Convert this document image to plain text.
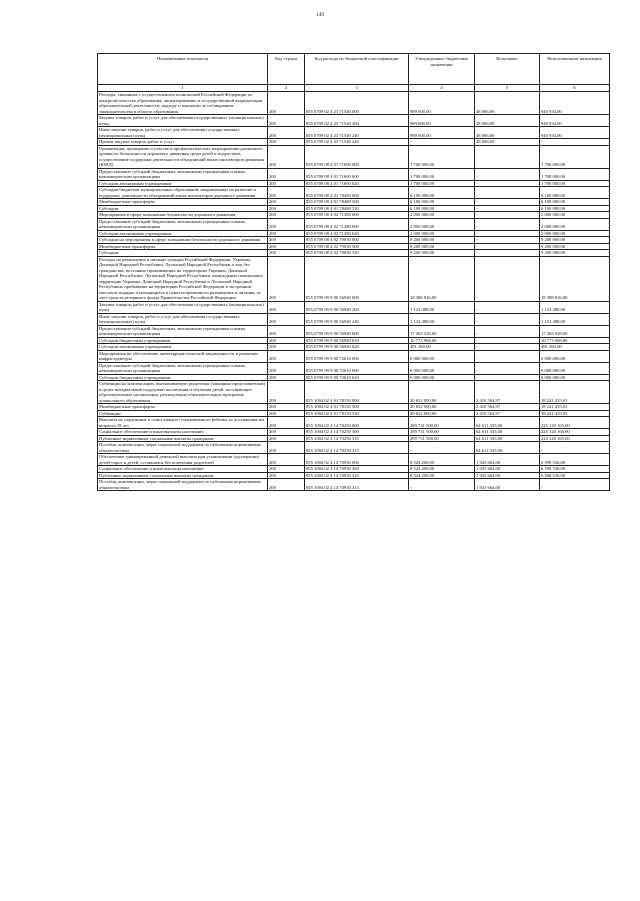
149
Наименование показателя	Код строки	Код расхода по бюджетной классификации	Утвержденные бюджетные назначения	Исполнено	Неисполненные назначения
1	2	3	4	5	6
Расходы, связанные с осуществлением полномочий Российской Федерации по контролю качества образования, лицензированию и государственной аккредитации образовательной деятельности, надзору и контролю за соблюдением законодательства в области образования	200	855 0709 02 4 23 71540 000	989 000,00	48 066,00	940 934,00
Закупка товаров, работ и услуг для обеспечения государственных (муниципальных) нужд	200	855 0709 02 4 23 71540 200	989 000,00	48 066,00	940 934,00
Иные закупки товаров, работ и услуг для обеспечения государственных (муниципальных) нужд	200	855 0709 02 4 23 71540 240	989 000,00	48 066,00	940 934,00
Прочая закупка товаров, работ и услуг	200	855 0709 02 4 23 71540 244	-	48 066,00	-
Организация, проведение и участие в профилактических мероприятиях различного уровня по безопасности дорожного движения среди детей и подростков, осуществление поддержки деятельности объединений юных инспекторов движения (ЮИД)	200	855 0709 08 4 01 71690 000	1 700 000,00	-	1 700 000,00
Предоставление субсидий бюджетным, автономным учреждениям и иным некоммерческим организациям	200	855 0709 08 4 01 71690 600	1 700 000,00	-	1 700 000,00
Субсидии автономным учреждениям	200	855 0709 08 4 01 71690 620	1 700 000,00	-	1 700 000,00
Субсидии бюджетам муниципальных образований, направленные на развитие и поддержку деятельности объединений юных инспекторов дорожного движения	200	855 0709 08 4 01 78480 000	6 100 000,00	-	6 100 000,00
Межбюджетные трансферты	200	855 0709 08 4 01 78480 500	6 100 000,00	-	6 100 000,00
Субсидии	200	855 0709 08 4 01 78480 520	6 100 000,00	-	6 100 000,00
Мероприятия в сфере повышения безопасности дорожного движения	200	855 0709 08 4 02 71380 000	2 000 000,00	-	2 000 000,00
Предоставление субсидий бюджетным, автономным учреждениям и иным некоммерческим организациям	200	855 0709 08 4 02 71380 600	2 000 000,00	-	2 000 000,00
Субсидии автономным учреждениям	200	855 0709 08 4 02 71380 620	2 000 000,00	-	2 000 000,00
Субсидии на мероприятия в сфере повышения безопасности дорожного движения	200	855 0709 08 4 02 79030 000	9 200 000,00	-	9 200 000,00
Межбюджетные трансферты	200	855 0709 08 4 02 79030 500	9 200 000,00	-	9 200 000,00
Субсидии	200	855 0709 08 4 02 79030 520	9 200 000,00	-	9 200 000,00
Расходы на размещение и питание граждан Российской Федерации, Украины, Донецкой Народной Республики, Луганской Народной Республики и лиц без гражданства, постоянно проживающих на территориях Украины, Донецкой Народной Республики, Луганской Народной Республики, вынужденно покинувших территории Украины, Донецкой Народной Республики и Луганской Народной Республики, прибывших на территорию Российской Федерации в экстренном массовом порядке и находящихся в пунктах временного размещения и питания, за счет средств резервного фонда Правительства Российской Федерации	200	855 0709 99 9 00 56940 000	18 388 816,00	-	18 388 816,00
Закупка товаров, работ и услуг для обеспечения государственных (муниципальных) нужд	200	855 0709 99 9 00 56940 200	1 123 488,00	-	1 123 488,00
Иные закупки товаров, работ и услуг для обеспечения государственных (муниципальных) нужд	200	855 0709 99 9 00 56940 240	1 123 488,00	-	1 123 488,00
Предоставление субсидий бюджетным, автономным учреждениям и иным некоммерческим организациям	200	855 0709 99 9 00 56940 600	17 265 328,00	-	17 265 328,00
Субсидии бюджетным учреждениям	200	855 0709 99 9 00 56940 610	16 773 968,00	-	16 773 968,00
Субсидии автономным учреждениям	200	855 0709 99 9 00 56940 620	491 360,00	-	491 360,00
Мероприятия по обеспечению антитеррористической защищенности и развитию инфраструктуры	200	855 0709 99 9 00 72610 000	6 000 000,00	-	6 000 000,00
Предоставление субсидий бюджетным, автономным учреждениям и иным некоммерческим организациям	200	855 0709 99 9 00 72610 600	6 000 000,00	-	6 000 000,00
Субсидии бюджетным учреждениям	200	855 0709 99 9 00 72610 610	6 000 000,00	-	6 000 000,00
Субвенции на компенсацию, выплачиваемую родителям (законным представителям) в целях материальной поддержки воспитания и обучения детей, посещающих образовательные организации, реализующие образовательную программу дошкольного образования	200	855 1004 02 4 01 78150 000	20 652 000,00	2 410 564,97	18 241 435,03
Межбюджетные трансферты	200	855 1004 02 4 01 78150 500	20 652 000,00	2 410 564,97	18 241 435,03
Субвенции	200	855 1004 02 4 01 78150 530	20 652 000,00	2 410 564,97	18 241 435,03
Выплаты на содержание в семье каждого усыновленного ребенка до достижения им возраста 18 лет	200	855 1004 02 4 14 70250 000	289 731 500,00	64 611 335,00	225 120 165,00
Социальное обеспечение и иные выплаты населению	200	855 1004 02 4 14 70250 300	289 731 500,00	64 611 335,00	225 120 165,00
Публичные нормативные социальные выплаты гражданам	200	855 1004 02 4 14 70250 310	289 731 500,00	64 611 335,00	225 120 165,00
Пособия, компенсации, меры социальной поддержки по публичным нормативным обязательствам	200	855 1004 02 4 14 70250 313	-	64 611 335,00	-
Обеспечение единовременной денежной выплаты при усыновлении (удочерении) детей-сирот и детей, оставшихся без попечения родителей	200	855 1004 02 4 14 70930 000	8 524 200,00	1 925 664,00	6 598 536,00
Социальное обеспечение и иные выплаты населению	200	855 1004 02 4 14 70930 300	8 524 200,00	1 925 664,00	6 598 536,00
Публичные нормативные социальные выплаты гражданам	200	855 1004 02 4 14 70930 310	8 524 200,00	1 925 664,00	6 598 536,00
Пособия, компенсации, меры социальной поддержки по публичным нормативным обязательствам	200	855 1004 02 4 14 70930 313	-	1 925 664,00	-
